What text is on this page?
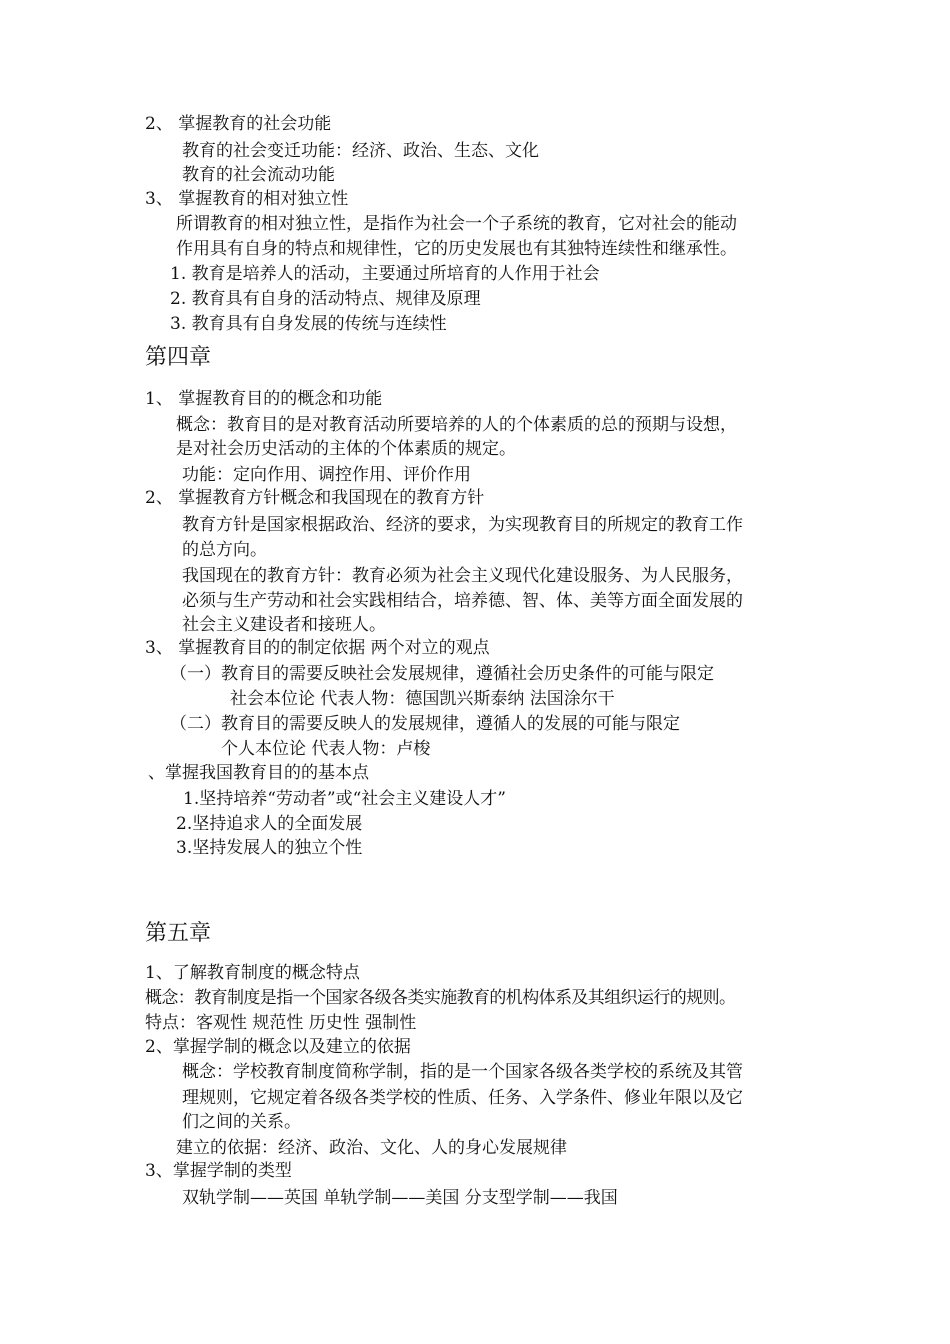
2、 掌握教育的社会功能
教育的社会变迁功能：经济、政治、生态、文化
教育的社会流动功能
3、 掌握教育的相对独立性
所谓教育的相对独立性，是指作为社会一个子系统的教育，它对社会的能动
作用具有自身的特点和规律性，它的历史发展也有其独特连续性和继承性。
1. 教育是培养人的活动，主要通过所培育的人作用于社会
2. 教育具有自身的活动特点、规律及原理
3. 教育具有自身发展的传统与连续性
第四章
1、 掌握教育目的的概念和功能
概念：教育目的是对教育活动所要培养的人的个体素质的总的预期与设想，
是对社会历史活动的主体的个体素质的规定。
功能：定向作用、调控作用、评价作用
2、 掌握教育方针概念和我国现在的教育方针
教育方针是国家根据政治、经济的要求，为实现教育目的所规定的教育工作
的总方向。
我国现在的教育方针：教育必须为社会主义现代化建设服务、为人民服务，
必须与生产劳动和社会实践相结合，培养德、智、体、美等方面全面发展的
社会主义建设者和接班人。
3、 掌握教育目的的制定依据 两个对立的观点
（一）教育目的需要反映社会发展规律，遵循社会历史条件的可能与限定
社会本位论 代表人物：德国凯兴斯泰纳 法国涂尔干
（二）教育目的需要反映人的发展规律，遵循人的发展的可能与限定
个人本位论 代表人物：卢梭
、掌握我国教育目的的基本点
1.坚持培养“劳动者”或“社会主义建设人才”
2.坚持追求人的全面发展
3.坚持发展人的独立个性
第五章
1、了解教育制度的概念特点
概念：教育制度是指一个国家各级各类实施教育的机构体系及其组织运行的规则。
特点：客观性 规范性 历史性 强制性
2、掌握学制的概念以及建立的依据
概念：学校教育制度简称学制，指的是一个国家各级各类学校的系统及其管
理规则，它规定着各级各类学校的性质、任务、入学条件、修业年限以及它
们之间的关系。
建立的依据：经济、政治、文化、人的身心发展规律
3、掌握学制的类型
双轨学制——英国 单轨学制——美国 分支型学制——我国
